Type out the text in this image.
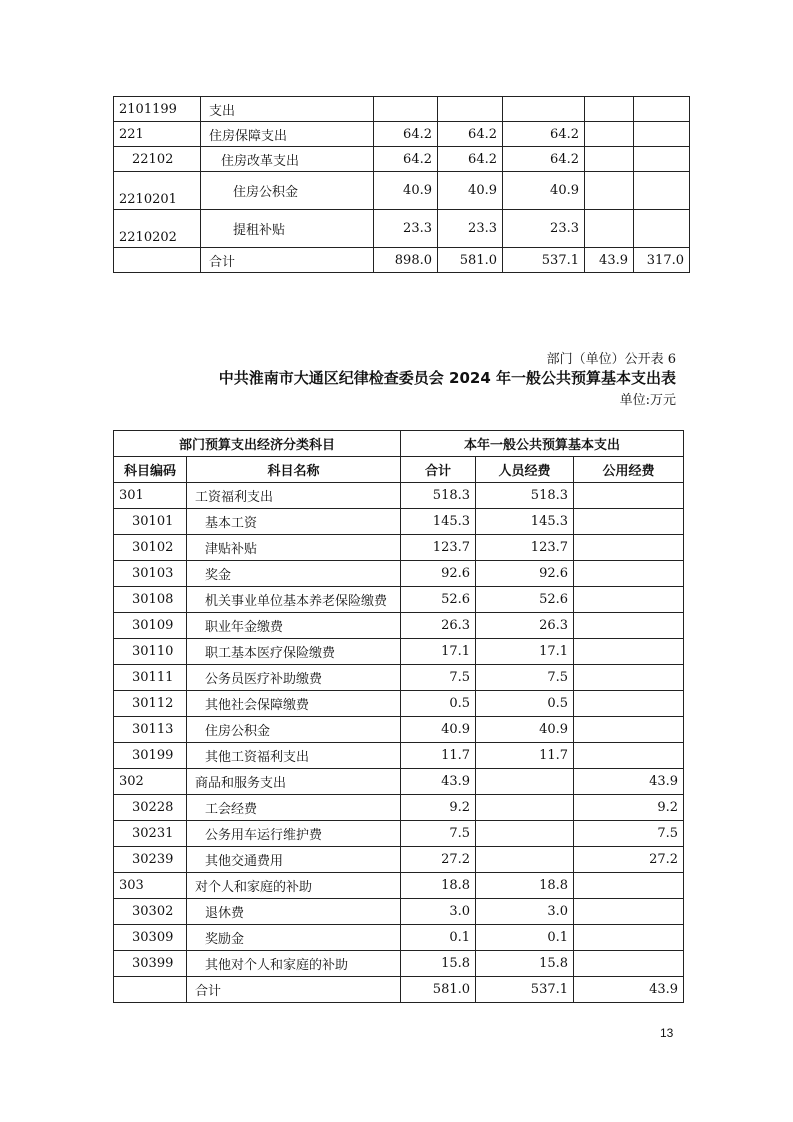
2101199	支出					
221	住房保障支出	64.2	64.2	64.2		
22102	住房改革支出	64.2	64.2	64.2		
2210201	住房公积金	40.9	40.9	40.9		
2210202	提租补贴	23.3	23.3	23.3		
	合计	898.0	581.0	537.1	43.9	317.0
部门（单位）公开表 6
中共淮南市大通区纪律检查委员会 2024 年一般公共预算基本支出表
单位:万元
部门预算支出经济分类科目		本年一般公共预算基本支出		
科目编码	科目名称	合计	人员经费	公用经费
301	工资福利支出	518.3	518.3	
30101	基本工资	145.3	145.3	
30102	津贴补贴	123.7	123.7	
30103	奖金	92.6	92.6	
30108	机关事业单位基本养老保险缴费	52.6	52.6	
30109	职业年金缴费	26.3	26.3	
30110	职工基本医疗保险缴费	17.1	17.1	
30111	公务员医疗补助缴费	7.5	7.5	
30112	其他社会保障缴费	0.5	0.5	
30113	住房公积金	40.9	40.9	
30199	其他工资福利支出	11.7	11.7	
302	商品和服务支出	43.9		43.9
30228	工会经费	9.2		9.2
30231	公务用车运行维护费	7.5		7.5
30239	其他交通费用	27.2		27.2
303	对个人和家庭的补助	18.8	18.8	
30302	退休费	3.0	3.0	
30309	奖励金	0.1	0.1	
30399	其他对个人和家庭的补助	15.8	15.8	
	合计	581.0	537.1	43.9
13
